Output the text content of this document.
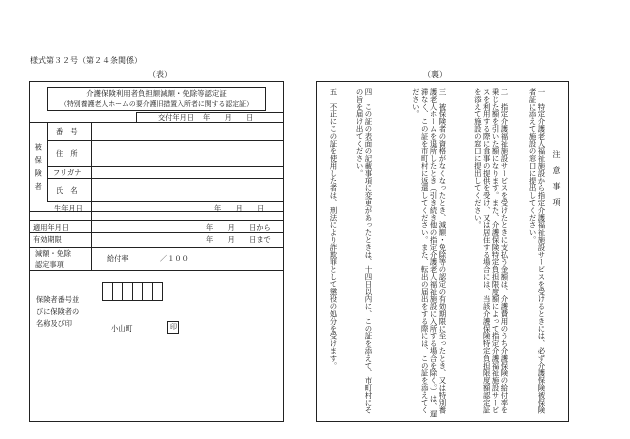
様式第３２号（第２４条関係）
（表）	（裏）
介護保険利用者負担額減額・免除等認定証
（特別養護老人ホームの要介護旧措置入所者に関する認定証）
交付年月日 年　　月　　日
被保険者
番　号
住　所
フリガナ
氏　名
生年月日	年　　月　　日
適用年月日	年　　月　　日から
有効期限	年　　月　　日まで
減額・免除
認定事項
給付率	／１００
保険者番号並
びに保険者の
名称及び印
小山町	印
注意事項
一　特定介護老人福祉施設から指定介護福祉施設サービスを受けるときには、必ず介護保険被保険者証に添えて施設の窓口に提出してください。
二　指定介護福祉施設サービスを受けたときに支払う金額は、介護費用のうち介護保険の給付率を乗じた額を引いた額になります。また、介護保険特定負担限度額によって指定介護福祉施設サービスを利用する際に食事の提供を受け、又は居住する場合には、当該介護保険特定負担限度額認定証を添えて施設の窓口に提出してください。
三　被保険者の資格がなくなったとき、減額・免除等の認定の有効期限に至ったとき、又は特別養護老人ホームを退所したとき（引き続き他の指定介護老人福祉施設に入所する場合を除く。）は、遅滞なく、この証を市町村に返還してください。また、転出の届出をする際には、この証を添えてください。
四　この証の表面の記載事項に変更があったときは、十四日以内に、この証を添えて、市町村にその旨を届け出てください。
五　不正にこの証を使用した者は、刑法により詐欺罪として懲役の処分を受けます。
